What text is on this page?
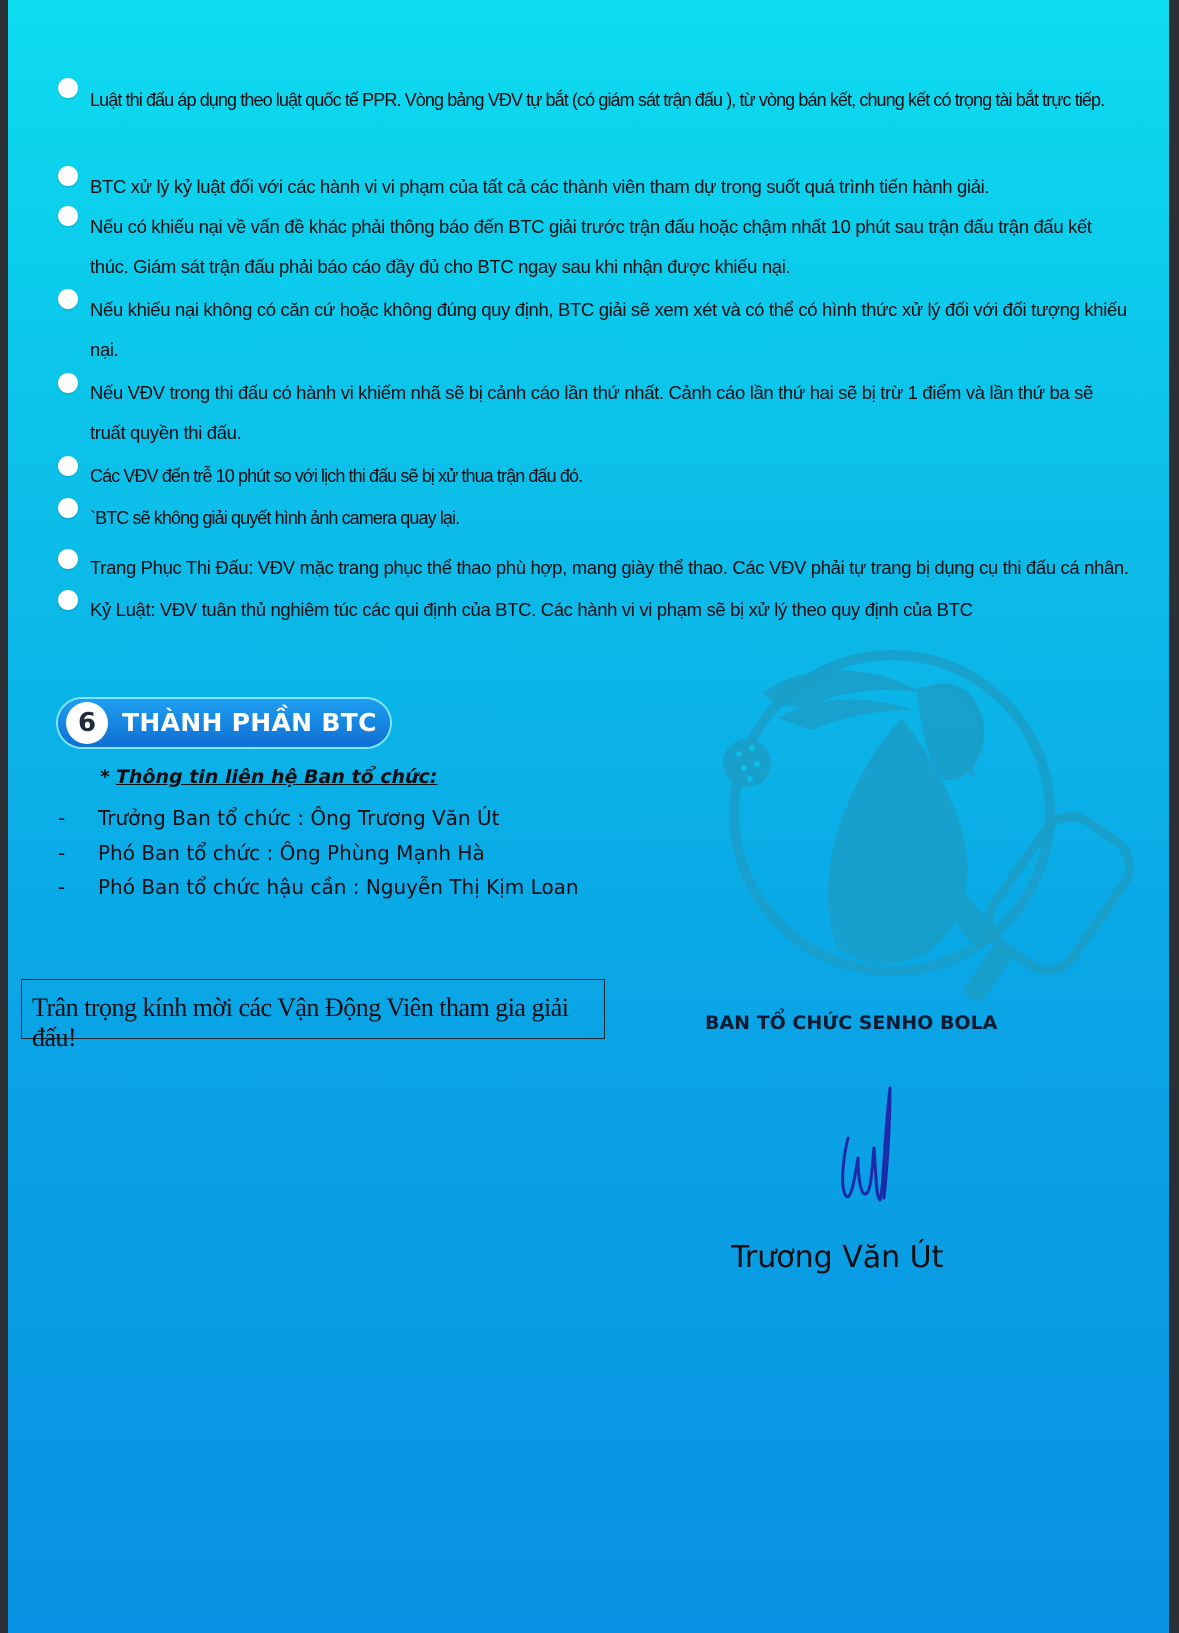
Luật thi đấu áp dụng theo luật quốc tế PPR. Vòng bảng VĐV tự bắt (có giám sát trận đấu ), từ vòng bán kết, chung kết có trọng tài bắt trực tiếp.
BTC xử lý kỷ luật đối với các hành vi vi phạm của tất cả các thành viên tham dự trong suốt quá trình tiến hành giải.
Nếu có khiếu nại về vấn đề khác phải thông báo đến BTC giải trước trận đấu hoặc chậm nhất 10 phút sau trận đấu trận đấu kết thúc. Giám sát trận đấu phải báo cáo đầy đủ cho BTC ngay sau khi nhận được khiếu nại.
Nếu khiếu nại không có căn cứ hoặc không đúng quy định, BTC giải sẽ xem xét và có thể có hình thức xử lý đối với đối tượng khiếu nại.
Nếu VĐV trong thi đấu có hành vi khiếm nhã sẽ bị cảnh cáo lần thứ nhất. Cảnh cáo lần thứ hai sẽ bị trừ 1 điểm và lần thứ ba sẽ truất quyền thi đấu.
Các VĐV đến trễ 10 phút so với lịch thi đấu sẽ bị xử thua trận đấu đó.
`BTC sẽ không giải quyết hình ảnh camera quay lại.
Trang Phục Thi Đấu: VĐV mặc trang phục thể thao phù hợp, mang giày thể thao. Các VĐV phải tự trang bị dụng cụ thi đấu cá nhân.
Kỷ Luật: VĐV tuân thủ nghiêm túc các qui định của BTC. Các hành vi vi phạm sẽ bị xử lý theo quy định của BTC
6	THÀNH PHẦN BTC
* Thông tin liên hệ Ban tổ chức:
- Trưởng Ban tổ chức : Ông Trương Văn Út
- Phó Ban tổ chức : Ông Phùng Mạnh Hà
- Phó Ban tổ chức hậu cần : Nguyễn Thị Kịm Loan
Trân trọng kính mời các Vận Động Viên tham gia giải đấu!	BAN TỔ CHỨC SENHO BOLA
Trương Văn Út
